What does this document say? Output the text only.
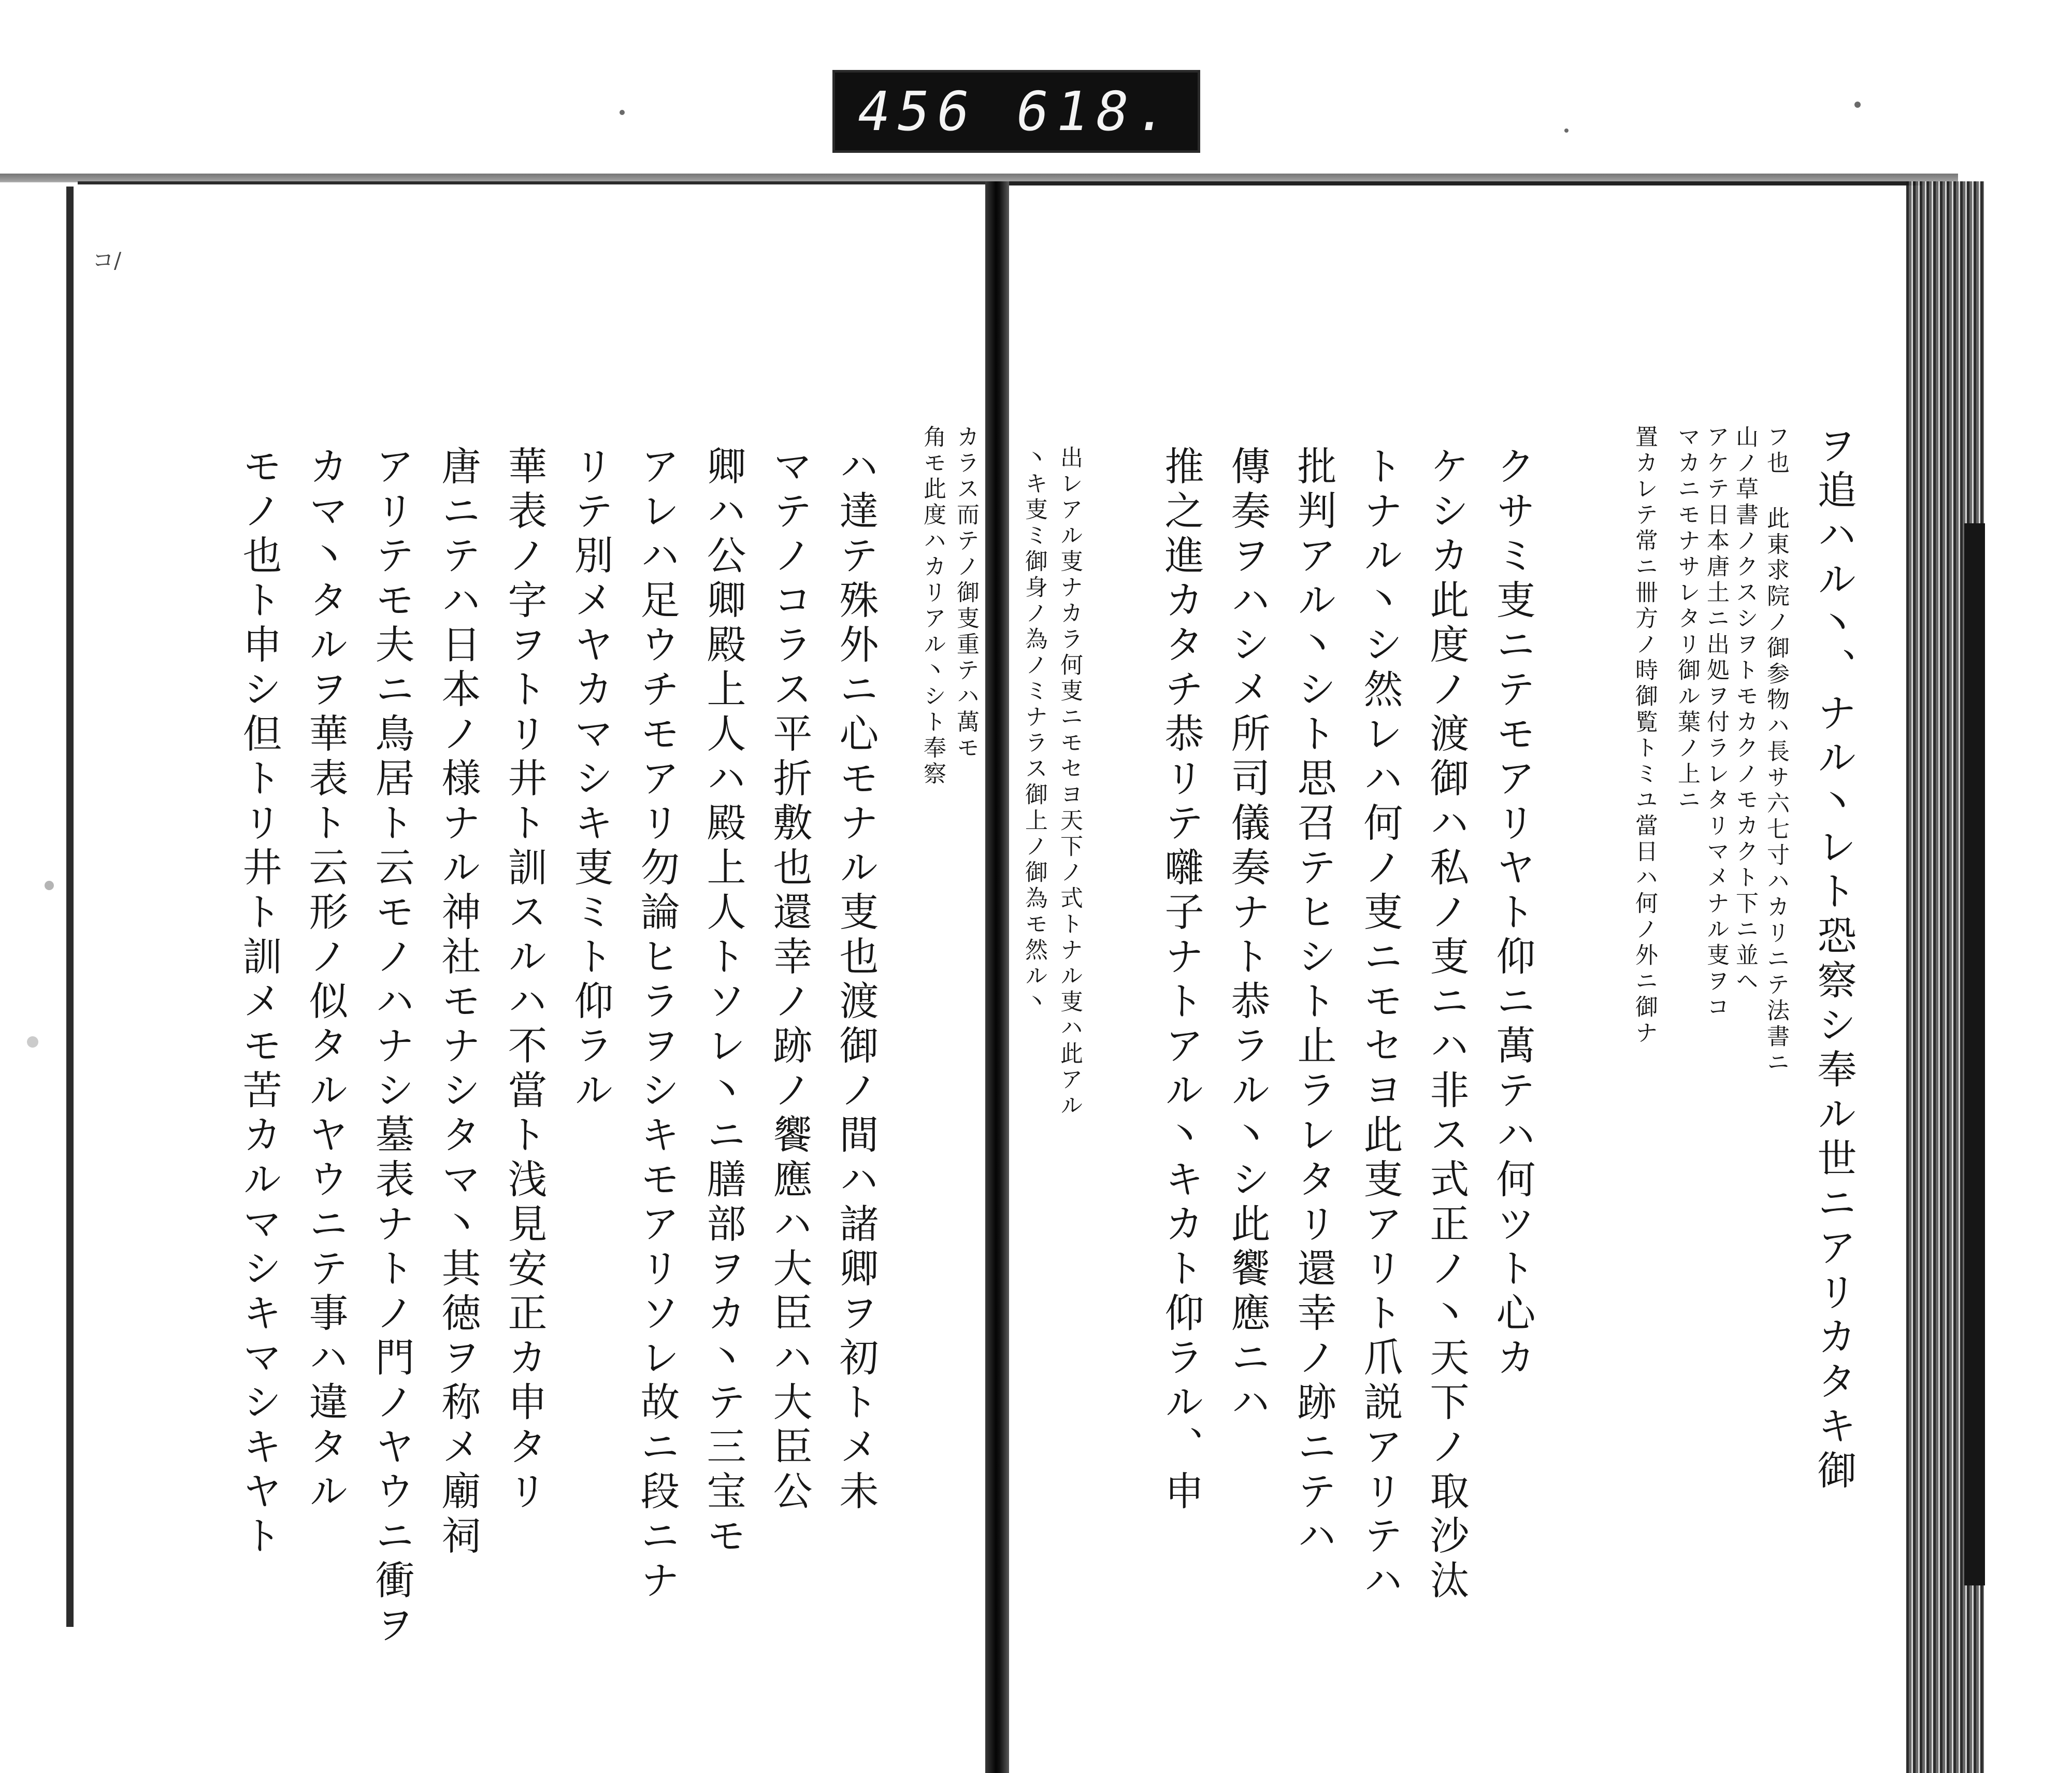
456 618.
コ/
ヲ追ハル丶、ナル丶レト恐察シ奉ル世ニアリカタキ御
フ也 此東求院ノ御参物ハ長サ六七寸ハカリニテ法書ニ
山ノ草書ノクスシヲトモカクノモカクト下ニ並ヘ
アケテ日本唐土ニ出処ヲ付ラレタリマメナル叓ヲコ
マカニモナサレタリ御ル葉ノ上ニ
置カレテ常ニ卌方ノ時御覧トミユ當日ハ何ノ外ニ御ナ
クサミ叓ニテモアリヤト仰ニ萬テハ何ツト心カ
ケシカ此度ノ渡御ハ私ノ叓ニハ非ス式正ノ丶天下ノ取沙汰
トナル丶シ然レハ何ノ叓ニモセヨ此叓アリト爪説アリテハ
批判アル丶シト思召テヒシト止ラレタリ還幸ノ跡ニテハ
傳奏ヲハシメ所司儀奏ナト恭ラル丶シ此饗應ニハ
推之進カタチ恭リテ囃子ナトアル丶キカト仰ラル、申
出レアル叓ナカラ何叓ニモセヨ天下ノ式トナル叓ハ此アル
丶キ叓ミ御身ノ為ノミナラス御上ノ御為モ然ル丶
カラス而テノ御叓重テハ萬モ
角モ此度ハカリアル丶シト奉察
ハ達テ殊外ニ心モナル叓也渡御ノ間ハ諸卿ヲ初トメ未
マテノコラス平折敷也還幸ノ跡ノ饗應ハ大臣ハ大臣公
卿ハ公卿殿上人ハ殿上人トソレ丶ニ膳部ヲカ丶テ三宝モ
アレハ足ウチモアリ勿論ヒラヲシキモアリソレ故ニ段ニナ
リテ別メヤカマシキ叓ミト仰ラル
華表ノ字ヲトリ井ト訓スルハ不當ト浅見安正カ申タリ
唐ニテハ日本ノ様ナル神社モナシタマ丶其徳ヲ称メ廟祠
アリテモ夫ニ鳥居ト云モノハナシ墓表ナトノ門ノヤウニ衝ヲ
カマ丶タルヲ華表ト云形ノ似タルヤウニテ事ハ違タル
モノ也ト申シ但トリ井ト訓メモ苦カルマシキマシキヤト
